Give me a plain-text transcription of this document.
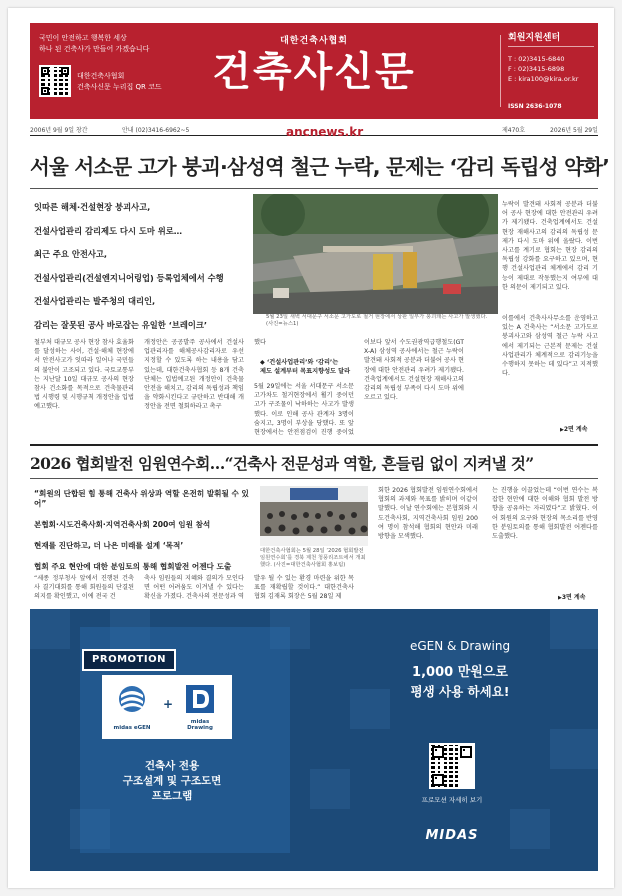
국민이 안전하고 행복한 세상
하나 된 건축사가 만들어 가겠습니다
대한건축사협회
건축사신문 누리집 QR 코드
대한건축사협회
건축사신문
회원지원센터
T : 02)3415-6840
F : 02)3415-6898
E : kira100@kira.or.kr
ISSN 2636-1078
2006년 9월 9일 창간	안내 (02)3416-6962~5	ancnews.kr	제470호	2026년 5월 29일
서울 서소문 고가 붕괴·삼성역 철근 누락, 문제는 ‘감리 독립성 약화’
잇따른 해체·건설현장 붕괴사고,
건설사업관리 감리제도 다시 도마 위로…
최근 주요 안전사고,
건설사업관리(건설엔지니어링업) 등록업체에서 수행
건설사업관리는 발주청의 대리인,
감리는 잘못된 공사 바로잡는 유일한 ‘브레이크’
5월 23일 새벽 서대문구 서소문 고가도로 철거 현장에서 상판 일부가 붕괴돼는 사고가 발생했다. (사진=뉴스1)
철부처 대규모 공사 현장 참사 효율화를 달성하는 사이, 건설·해체 현장에서 안전사고가 잇따라 일어나 국민들의 불안이 고조되고 있다. 국토교통부는 지난달 10일 대규모 공사의 현장 참사 건소화를 목적으로 건축물관리법 시행령 및 시행규칙 개정안을 입법예고했다.
개정안은 공공발주 공사에서 건설사업관리자를 해체공사감리자로 우선 지정할 수 있도록 하는 내용을 담고 있는데, 대한건축사협회 등 8개 건축단체는 입법예고된 개정안이 건축물 안전을 해치고, 감리의 독립성과 책임을 약화시킨다고 규탄하고 반대해 개정안을 전면 철회하라고 촉구
했다
◆ ‘건설사업관리’와 ‘감리’는
제도 설계부터 목표지향성도 달라
5월 29일에는 서울 서대문구 서소문 고가차도 철거현장에서 휠기 중이던 고가 구조물이 낙하하는 사고가 발생했다. 이로 인해 공사 관계자 3명이 숨지고, 3명이 부상을 당했다. 또 앞 현장에서는 안전점검이 진행 중이었
이보다 앞서 수도권광역급행철도(GTX-A) 삼성역 공사에서는 철근 누락이 발견돼 사회적 공분과 더불어 공사 현장에 대한 안전관리 우려가 제기됐다. 건축업계에서도 건설현장 재해사고의 감리의 독립성 부족이 다시 도마 위에 오르고 있다.
누락이 발견돼 사회적 공분과 더불어 공사 현장에 대한 안전관리 우려가 제기됐다. 건축업계에서도 건설현장 재해사고의 감리의 독립성 문제가 다시 도마 위에 올랐다. 이번 사고를 계기로 협회는 현장 감리의 독립성 강화를 요구하고 있으며, 현행 건설사업관리 체계에서 감리 기능이 제대로 작동했는지 여부에 대한 의문이 제기되고 있다.
이를에서 건축사사무소를 운영하고 있는 A 건축사는 “서소문 고가도로 붕괴사고와 삼성역 철근 누락 사고에서 제기되는 근본적 문제는 건설사업관리가 체계적으로 감리기능을 수행하지 못하는 데 있다”고 지적했다.
▶ 2면 계속
2026 협회발전 임원연수회…“건축사 전문성과 역할, 흔들림 없이 지켜낼 것”
“회원의 단합된 힘 통해 건축사 위상과 역할 온전히 발휘될 수 있어”
본협회·시도건축사회·지역건축사회 200여 임원 참석
현재를 진단하고, 더 나은 미래를 설계 ‘목적’
협회 주요 현안에 대한 분임토의 통해 협회발전 어젠다 도출
대한건축사협회는 5월 28일 ‘2026 협회발전 임원연수회’를 경북 제천 청풍리조트에서 개최했다. (사진=대한건축사협회 홍보팀)
“세종 정부청사 앞에서 진행된 건축사 결기대회를 통해 회원들의 단결된 의지를 확인했고, 이에 전국 건
축사 임원들의 지혜와 결의가 모인다면 어떤 어려움도 이겨낼 수 있다는 확신을 가졌다. 건축사의 전문성과 역
발우 될 수 있는 환경 마련을 위한 목표를 재확립할 것이다.” 대한건축사협회 김재록 회장은 5월 28일 제
회한 2026 협회발전 임원연수회에서 협회의 과제와 목표를 밝히며 이같이 말했다. 이날 연수회에는 본협회와 시도건축사회, 지역건축사회 임원 200여 명이 참석해 협회의 현안과 미래 방향을 모색했다.
는 진행을 이끌었는데 “이번 연수는 복잡한 현안에 대한 이해와 협회 발전 방향을 공유하는 자리였다”고 밝혔다. 이어 회원의 요구와 현장의 목소리를 반영한 분임토의를 통해 협회발전 어젠다를 도출했다.
▶ 3면 계속
PROMOTION
midas eGEN
+
midas Drawing
건축사 전용
구조설계 및 구조도면
프로그램
eGEN & Drawing
1,000 만원으로
평생 사용 하세요!
프로모션 자세히 보기
MIDAS
